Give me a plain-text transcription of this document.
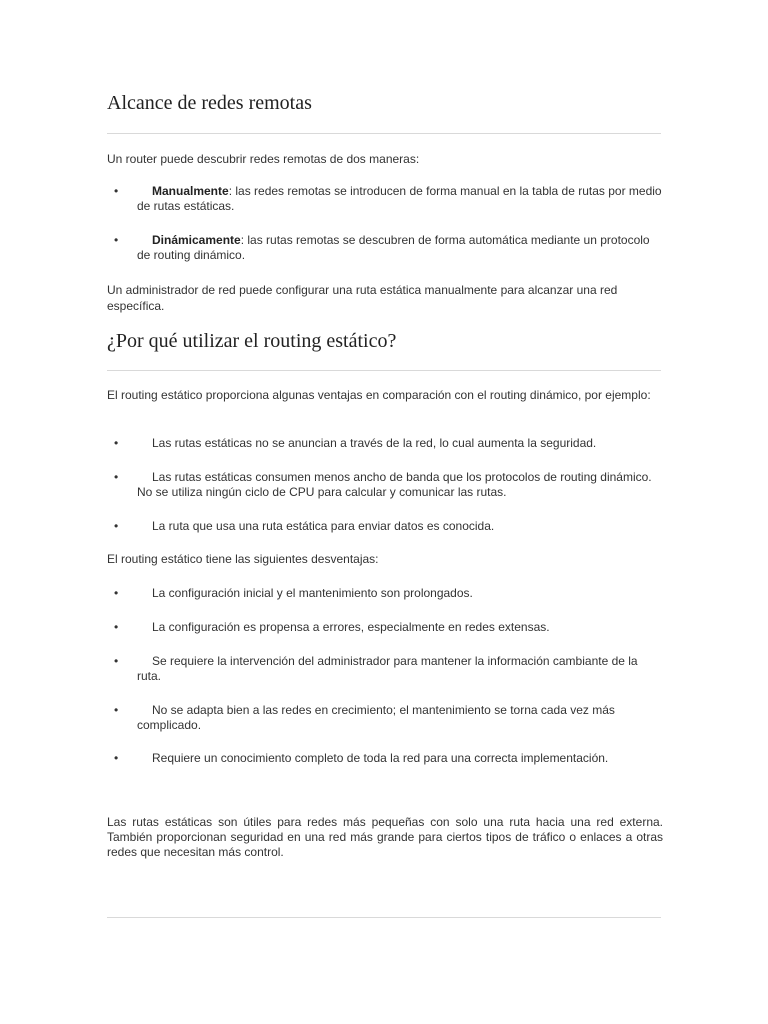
Alcance de redes remotas

Un router puede descubrir redes remotas de dos maneras:

•	Manualmente: las redes remotas se introducen de forma manual en la tabla de rutas por medio de rutas estáticas.
•	Dinámicamente: las rutas remotas se descubren de forma automática mediante un protocolo de routing dinámico.

Un administrador de red puede configurar una ruta estática manualmente para alcanzar una red específica.

¿Por qué utilizar el routing estático?

El routing estático proporciona algunas ventajas en comparación con el routing dinámico, por ejemplo:

•	Las rutas estáticas no se anuncian a través de la red, lo cual aumenta la seguridad.
•	Las rutas estáticas consumen menos ancho de banda que los protocolos de routing dinámico. No se utiliza ningún ciclo de CPU para calcular y comunicar las rutas.
•	La ruta que usa una ruta estática para enviar datos es conocida.

El routing estático tiene las siguientes desventajas:

•	La configuración inicial y el mantenimiento son prolongados.
•	La configuración es propensa a errores, especialmente en redes extensas.
•	Se requiere la intervención del administrador para mantener la información cambiante de la ruta.
•	No se adapta bien a las redes en crecimiento; el mantenimiento se torna cada vez más complicado.
•	Requiere un conocimiento completo de toda la red para una correcta implementación.

Las rutas estáticas son útiles para redes más pequeñas con solo una ruta hacia una red externa. También proporcionan seguridad en una red más grande para ciertos tipos de tráfico o enlaces a otras redes que necesitan más control.
